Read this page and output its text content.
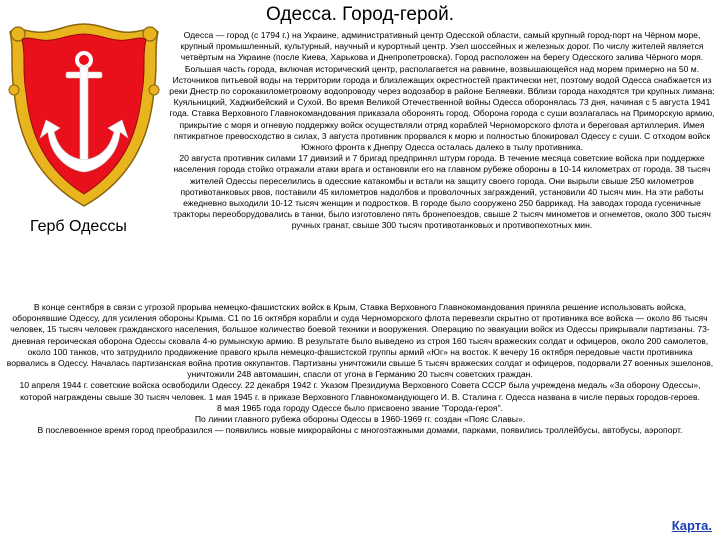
Одесса. Город-герой.
Герб Одессы

Одесса — город (с 1794 г.) на Украине, административный центр Одесской области, самый крупный город-порт на Чёрном море, крупный промышленный, культурный, научный и курортный центр. Узел шоссейных и железных дорог. По числу жителей является четвёртым на Украине (после Киева, Харькова и Днепропетровска). Город расположен на берегу Одесского залива Чёрного моря. Большая часть города, включая исторический центр, располагается на равнине, возвышающейся над морем примерно на 50 м. Источников питьевой воды на территории города и близлежащих окрестностей практически нет, поэтому водой Одесса снабжается из реки Днестр по сорокакилометровому водопроводу через водозабор в районе Беляевки. Вблизи города находятся три крупных лимана: Куяльницкий, Хаджибейский и Сухой. Во время Великой Отечественной войны Одесса оборонялась 73 дня, начиная с 5 августа 1941 года. Ставка Верховного Главнокомандования приказала оборонять город. Оборона города с суши возлагалась на Приморскую армию, прикрытие с моря и огневую поддержку войск осуществляли отряд кораблей Черноморского флота и береговая артиллерия. Имея пятикратное превосходство в силах, 3 августа противник прорвался к морю и полностью блокировал Одессу с суши. С отходом войск Южного фронта к Днепру Одесса осталась далеко в тылу противника.

20 августа противник силами 17 дивизий и 7 бригад предпринял штурм города. В течение месяца советские войска при поддержке населения города стойко отражали атаки врага и остановили его на главном рубеже обороны в 10-14 километрах от города. 38 тысяч жителей Одессы переселились в одесские катакомбы и встали на защиту своего города. Они вырыли свыше 250 километров противотанковых рвов, поставили 45 километров надолбов и проволочных заграждений, установили 40 тысяч мин. На эти работы ежедневно выходили 10-12 тысяч женщин и подростков. В городе было сооружено 250 баррикад. На заводах города гусеничные тракторы переоборудовались в танки, было изготовлено пять бронепоездов, свыше 2 тысяч минометов и огнеметов, около 300 тысяч ручных гранат, свыше 300 тысяч противотанковых и противопехотных мин.

В конце сентября в связи с угрозой прорыва немецко-фашистских войск в Крым, Ставка Верховного Главнокомандования приняла решение использовать войска, оборонявшие Одессу, для усиления обороны Крыма. С1 по 16 октября корабли и суда Черноморского флота перевезли скрытно от противника все войска — около 86 тысяч человек, 15 тысяч человек гражданского населения, большое количество боевой техники и вооружения. Операцию по эвакуации войск из Одессы прикрывали партизаны. 73-дневная героическая оборона Одессы сковала 4-ю румынскую армию. В результате было выведено из строя 160 тысяч вражеских солдат и офицеров, около 200 самолетов, около 100 танков, что затруднило продвижение правого крыла немецко-фашистской группы армий «Юг» на восток. К вечеру 16 октября передовые части противника ворвались в Одессу. Началась партизанская война против оккупантов. Партизаны уничтожили свыше 5 тысяч вражеских солдат и офицеров, подорвали 27 военных эшелонов, уничтожили 248 автомашин, спасли от угона в Германию 20 тысяч советских граждан.

10 апреля 1944 г. советские войска освободили Одессу. 22 декабря 1942 г. Указом Президиума Верховного Совета СССР была учреждена медаль «За оборону Одессы», которой награждены свыше 30 тысяч человек. 1 мая 1945 г. в приказе Верховного Главнокомандующего И. В. Сталина г. Одесса названа в числе первых городов-героев.

8 мая 1965 года городу Одессе было присвоено звание "Города-героя".

По линии главного рубежа обороны Одессы в 1960-1969 гг. создан «Пояс Славы».

В послевоенное время город преобразился — появились новые микрорайоны с многоэтажными домами, парками, появились троллейбусы, автобусы, аэропорт.

Карта.
